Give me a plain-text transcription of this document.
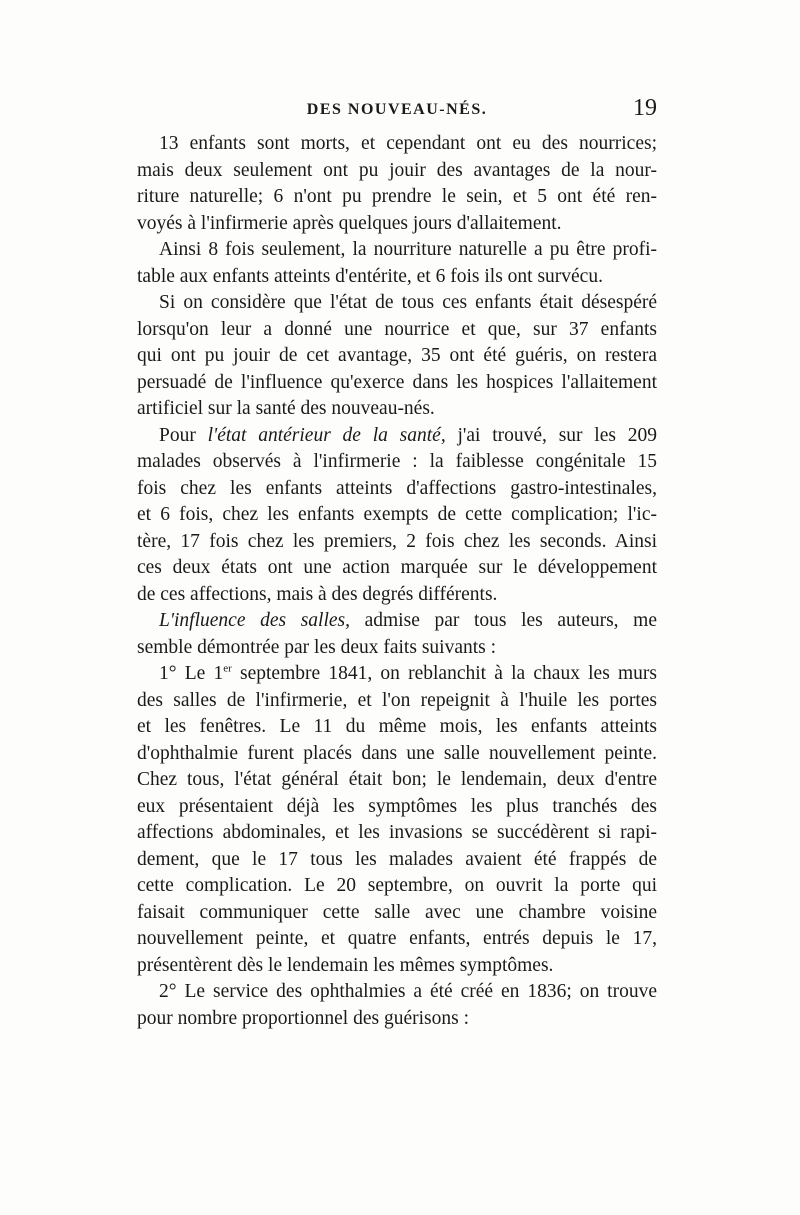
DES NOUVEAU-NÉS.	19
13 enfants sont morts, et cependant ont eu des nourrices;
mais deux seulement ont pu jouir des avantages de la nour-
riture naturelle; 6 n'ont pu prendre le sein, et 5 ont été ren-
voyés à l'infirmerie après quelques jours d'allaitement.
Ainsi 8 fois seulement, la nourriture naturelle a pu être profi-
table aux enfants atteints d'entérite, et 6 fois ils ont survécu.
Si on considère que l'état de tous ces enfants était désespéré
lorsqu'on leur a donné une nourrice et que, sur 37 enfants
qui ont pu jouir de cet avantage, 35 ont été guéris, on restera
persuadé de l'influence qu'exerce dans les hospices l'allaitement
artificiel sur la santé des nouveau-nés.
Pour l'état antérieur de la santé, j'ai trouvé, sur les 209
malades observés à l'infirmerie : la faiblesse congénitale 15
fois chez les enfants atteints d'affections gastro-intestinales,
et 6 fois, chez les enfants exempts de cette complication; l'ic-
tère, 17 fois chez les premiers, 2 fois chez les seconds. Ainsi
ces deux états ont une action marquée sur le développement
de ces affections, mais à des degrés différents.
L'influence des salles, admise par tous les auteurs, me
semble démontrée par les deux faits suivants :
1° Le 1er septembre 1841, on reblanchit à la chaux les murs
des salles de l'infirmerie, et l'on repeignit à l'huile les portes
et les fenêtres. Le 11 du même mois, les enfants atteints
d'ophthalmie furent placés dans une salle nouvellement peinte.
Chez tous, l'état général était bon; le lendemain, deux d'entre
eux présentaient déjà les symptômes les plus tranchés des
affections abdominales, et les invasions se succédèrent si rapi-
dement, que le 17 tous les malades avaient été frappés de
cette complication. Le 20 septembre, on ouvrit la porte qui
faisait communiquer cette salle avec une chambre voisine
nouvellement peinte, et quatre enfants, entrés depuis le 17,
présentèrent dès le lendemain les mêmes symptômes.
2° Le service des ophthalmies a été créé en 1836; on trouve
pour nombre proportionnel des guérisons :
